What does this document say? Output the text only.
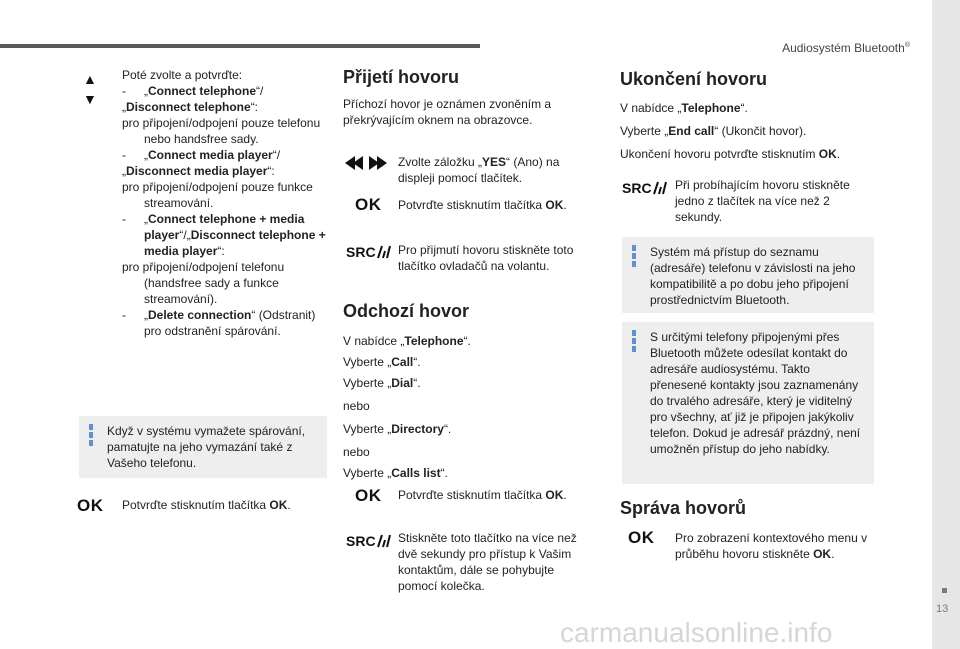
Audiosystém Bluetooth®
13
▲
▼

Poté zvolte a potvrďte:

- „Connect telephone“/ „Disconnect telephone“:

pro připojení/odpojení pouze telefonu nebo handsfree sady.

- „Connect media player“/ „Disconnect media player“:

pro připojení/odpojení pouze funkce streamování.

- „Connect telephone + media player“/„Disconnect telephone + media player“:

pro připojení/odpojení telefonu (handsfree sady a funkce streamování).

- „Delete connection“ (Odstranit) pro odstranění spárování.

Když v systému vymažete spárování, pamatujte na jeho vymazání také z Vašeho telefonu.

OK Potvrďte stisknutím tlačítka OK.
Přijetí hovoru
Příchozí hovor je oznámen zvoněním a překrývajícím oknem na obrazovce.
Zvolte záložku „YES“ (Ano) na displeji pomocí tlačítek.
OK Potvrďte stisknutím tlačítka OK.
SRC	Pro přijmutí hovoru stiskněte toto tlačítko ovladačů na volantu.
Odchozí hovor

V nabídce „Telephone“.

Vyberte „Call“.

Vyberte „Dial“.

nebo

Vyberte „Directory“.

nebo

Vyberte „Calls list“.

OK Potvrďte stisknutím tlačítka OK.
SRC	Stiskněte toto tlačítko na více než dvě sekundy pro přístup k Vašim kontaktům, dále se pohybujte pomocí kolečka.
Ukončení hovoru

V nabídce „Telephone“.

Vyberte „End call“ (Ukončit hovor).

Ukončení hovoru potvrďte stisknutím OK.

SRC	Při probíhajícím hovoru stiskněte jedno z tlačítek na více než 2 sekundy.

Systém má přístup do seznamu (adresáře) telefonu v závislosti na jeho kompatibilitě a po dobu jeho připojení prostřednictvím Bluetooth.

S určitými telefony připojenými přes Bluetooth můžete odesílat kontakt do adresáře audiosystému. Takto přenesené kontakty jsou zaznamenány do trvalého adresáře, který je viditelný pro všechny, ať již je připojen jakýkoliv telefon. Dokud je adresář prázdný, není umožněn přístup do jeho nabídky.

Správa hovorů
OK Pro zobrazení kontextového menu v průběhu hovoru stiskněte OK.
carmanualsonline.info
